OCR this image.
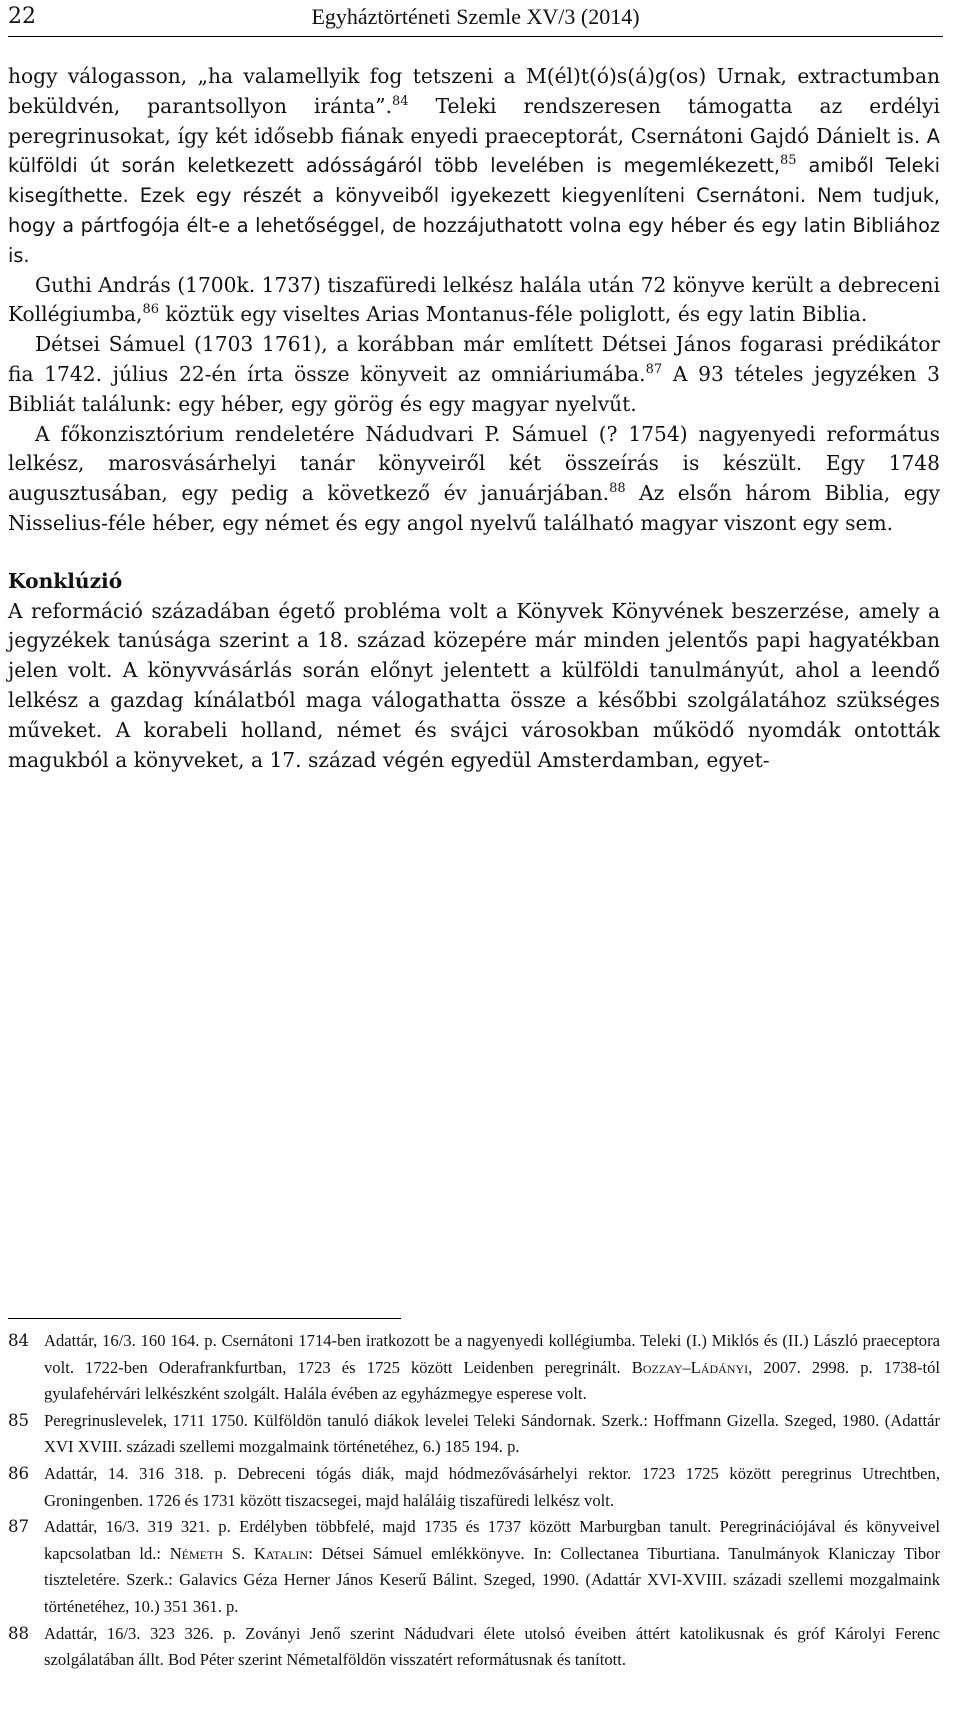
22	Egyháztörténeti Szemle XV/3 (2014)

hogy válogasson, „ha valamellyik fog tetszeni a M(él)t(ó)s(á)g(os) Urnak, extractumban beküldvén, parantsollyon iránta”.$^{84}$ Teleki rendszeresen támogatta az erdélyi peregrinusokat, így két idősebb fiának enyedi praeceptorát, Csernátoni Gajdó Dánielt is. A külföldi út során keletkezett adósságáról több levelében is megemlékezett,$^{85}$ amiből Teleki kisegíthette. Ezek egy részét a könyveiből igyekezett kiegyenlíteni Csernátoni. Nem tudjuk, hogy a pártfogója élt-e a lehetőséggel, de hozzájuthatott volna egy héber és egy latin Bibliához is.

Guthi András (1700k. 1737) tiszafüredi lelkész halála után 72 könyve került a debreceni Kollégiumba,$^{86}$ köztük egy viseltes Arias Montanus-féle poliglott, és egy latin Biblia.

Détsei Sámuel (1703 1761), a korábban már említett Détsei János fogarasi prédikátor fia 1742. július 22-én írta össze könyveit az omniáriumába.$^{87}$ A 93 tételes jegyzéken 3 Bibliát találunk: egy héber, egy görög és egy magyar nyelvűt.

A főkonzisztórium rendeletére Nádudvari P. Sámuel (? 1754) nagyenyedi református lelkész, marosvásárhelyi tanár könyveiről két összeírás is készült. Egy 1748 augusztusában, egy pedig a következő év januárjában.$^{88}$ Az elsőn három Biblia, egy Nisselius-féle héber, egy német és egy angol nyelvű található magyar viszont egy sem.

Konklúzió

A reformáció századában égető probléma volt a Könyvek Könyvének beszerzése, amely a jegyzékek tanúsága szerint a 18. század közepére már minden jelentős papi hagyatékban jelen volt. A könyvvásárlás során előnyt jelentett a külföldi tanulmányút, ahol a leendő lelkész a gazdag kínálatból maga válogathatta össze a későbbi szolgálatához szükséges műveket. A korabeli holland, német és svájci városokban működő nyomdák ontották magukból a könyveket, a 17. század végén egyedül Amsterdamban, egyet-

84 Adattár, 16/3. 160 164. p. Csernátoni 1714-ben iratkozott be a nagyenyedi kollégiumba. Teleki (I.) Miklós és (II.) László praeceptora volt. 1722-ben Oderafrankfurtban, 1723 és 1725 között Leidenben peregrinált. Bozzay–Ládányi, 2007. 2998. p. 1738-tól gyulafehérvári lelkészként szolgált. Halála évében az egyházmegye esperese volt.
85 Peregrinuslevelek, 1711 1750. Külföldön tanuló diákok levelei Teleki Sándornak. Szerk.: Hoffmann Gizella. Szeged, 1980. (Adattár XVI XVIII. századi szellemi mozgalmaink történetéhez, 6.) 185 194. p.
86 Adattár, 14. 316 318. p. Debreceni tógás diák, majd hódmezővásárhelyi rektor. 1723 1725 között peregrinus Utrechtben, Groningenben. 1726 és 1731 között tiszacsegei, majd haláláig tiszafüredi lelkész volt.
87 Adattár, 16/3. 319 321. p. Erdélyben többfelé, majd 1735 és 1737 között Marburgban tanult. Peregrinációjával és könyveivel kapcsolatban ld.: Németh S. Katalin: Détsei Sámuel emlékkönyve. In: Collectanea Tiburtiana. Tanulmányok Klaniczay Tibor tiszteletére. Szerk.: Galavics Géza Herner János Keserű Bálint. Szeged, 1990. (Adattár XVI-XVIII. századi szellemi mozgalmaink történetéhez, 10.) 351 361. p.
88 Adattár, 16/3. 323 326. p. Zoványi Jenő szerint Nádudvari élete utolsó éveiben áttért katolikusnak és gróf Károlyi Ferenc szolgálatában állt. Bod Péter szerint Németalföldön visszatért reformátusnak és tanított.
